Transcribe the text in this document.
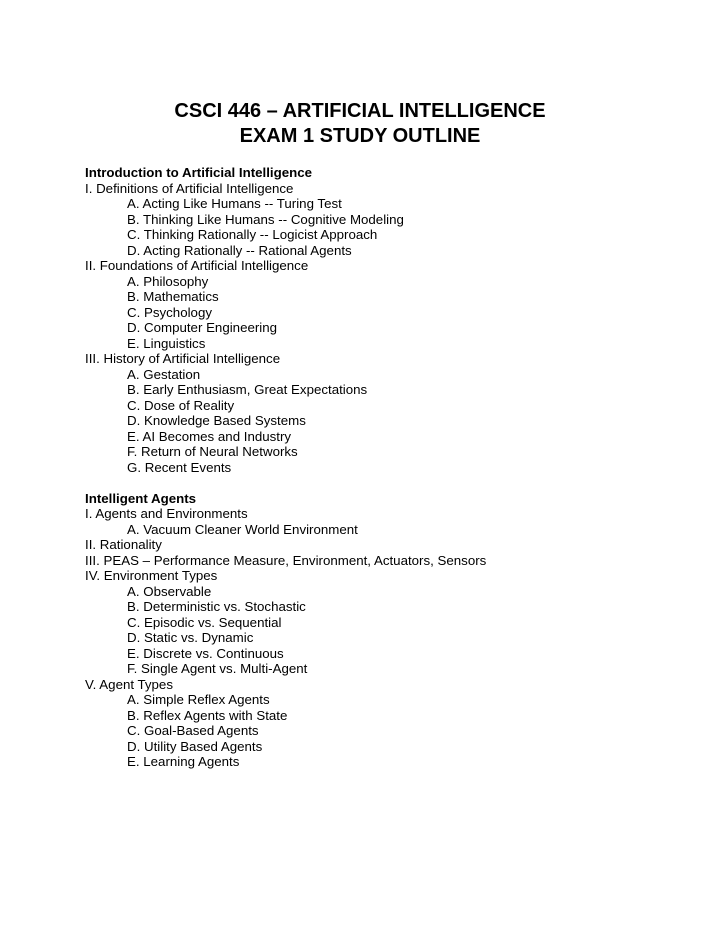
CSCI 446 – ARTIFICIAL INTELLIGENCE
EXAM 1 STUDY OUTLINE
Introduction to Artificial Intelligence
I. Definitions of Artificial Intelligence
A. Acting Like Humans -- Turing Test
B. Thinking Like Humans -- Cognitive Modeling
C. Thinking Rationally -- Logicist Approach
D. Acting Rationally -- Rational Agents
II. Foundations of Artificial Intelligence
A. Philosophy
B. Mathematics
C. Psychology
D. Computer Engineering
E. Linguistics
III. History of Artificial Intelligence
A. Gestation
B. Early Enthusiasm, Great Expectations
C. Dose of Reality
D. Knowledge Based Systems
E. AI Becomes and Industry
F. Return of Neural Networks
G. Recent Events
Intelligent Agents
I. Agents and Environments
A. Vacuum Cleaner World Environment
II. Rationality
III. PEAS – Performance Measure, Environment, Actuators, Sensors
IV. Environment Types
A. Observable
B. Deterministic vs. Stochastic
C. Episodic vs. Sequential
D. Static vs. Dynamic
E. Discrete vs. Continuous
F. Single Agent vs. Multi-Agent
V. Agent Types
A. Simple Reflex Agents
B. Reflex Agents with State
C. Goal-Based Agents
D. Utility Based Agents
E. Learning Agents
